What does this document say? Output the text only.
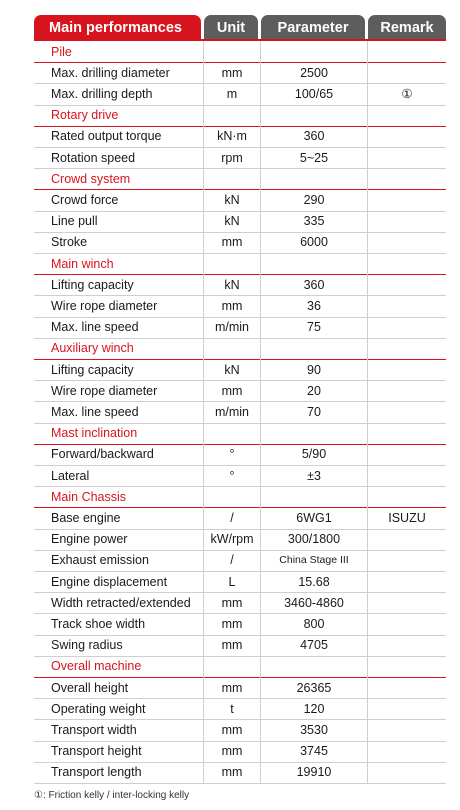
Main performances	Unit	Parameter	Remark
Pile
Max. drilling diameter	mm	2500
Max. drilling depth	m	100/65	①
Rotary drive
Rated output torque	kN·m	360
Rotation speed	rpm	5~25
Crowd system
Crowd force	kN	290
Line pull	kN	335
Stroke	mm	6000
Main winch
Lifting capacity	kN	360
Wire rope diameter	mm	36
Max. line speed	m/min	75
Auxiliary winch
Lifting capacity	kN	90
Wire rope diameter	mm	20
Max. line speed	m/min	70
Mast inclination
Forward/backward	°	5/90
Lateral	°	±3
Main Chassis
Base engine	/	6WG1	ISUZU
Engine power	kW/rpm	300/1800
Exhaust emission	/	China Stage III
Engine displacement	L	15.68
Width retracted/extended	mm	3460-4860
Track shoe width	mm	800
Swing radius	mm	4705
Overall machine
Overall height	mm	26365
Operating weight	t	120
Transport width	mm	3530
Transport height	mm	3745
Transport length	mm	19910
①: Friction kelly / inter-locking kelly
